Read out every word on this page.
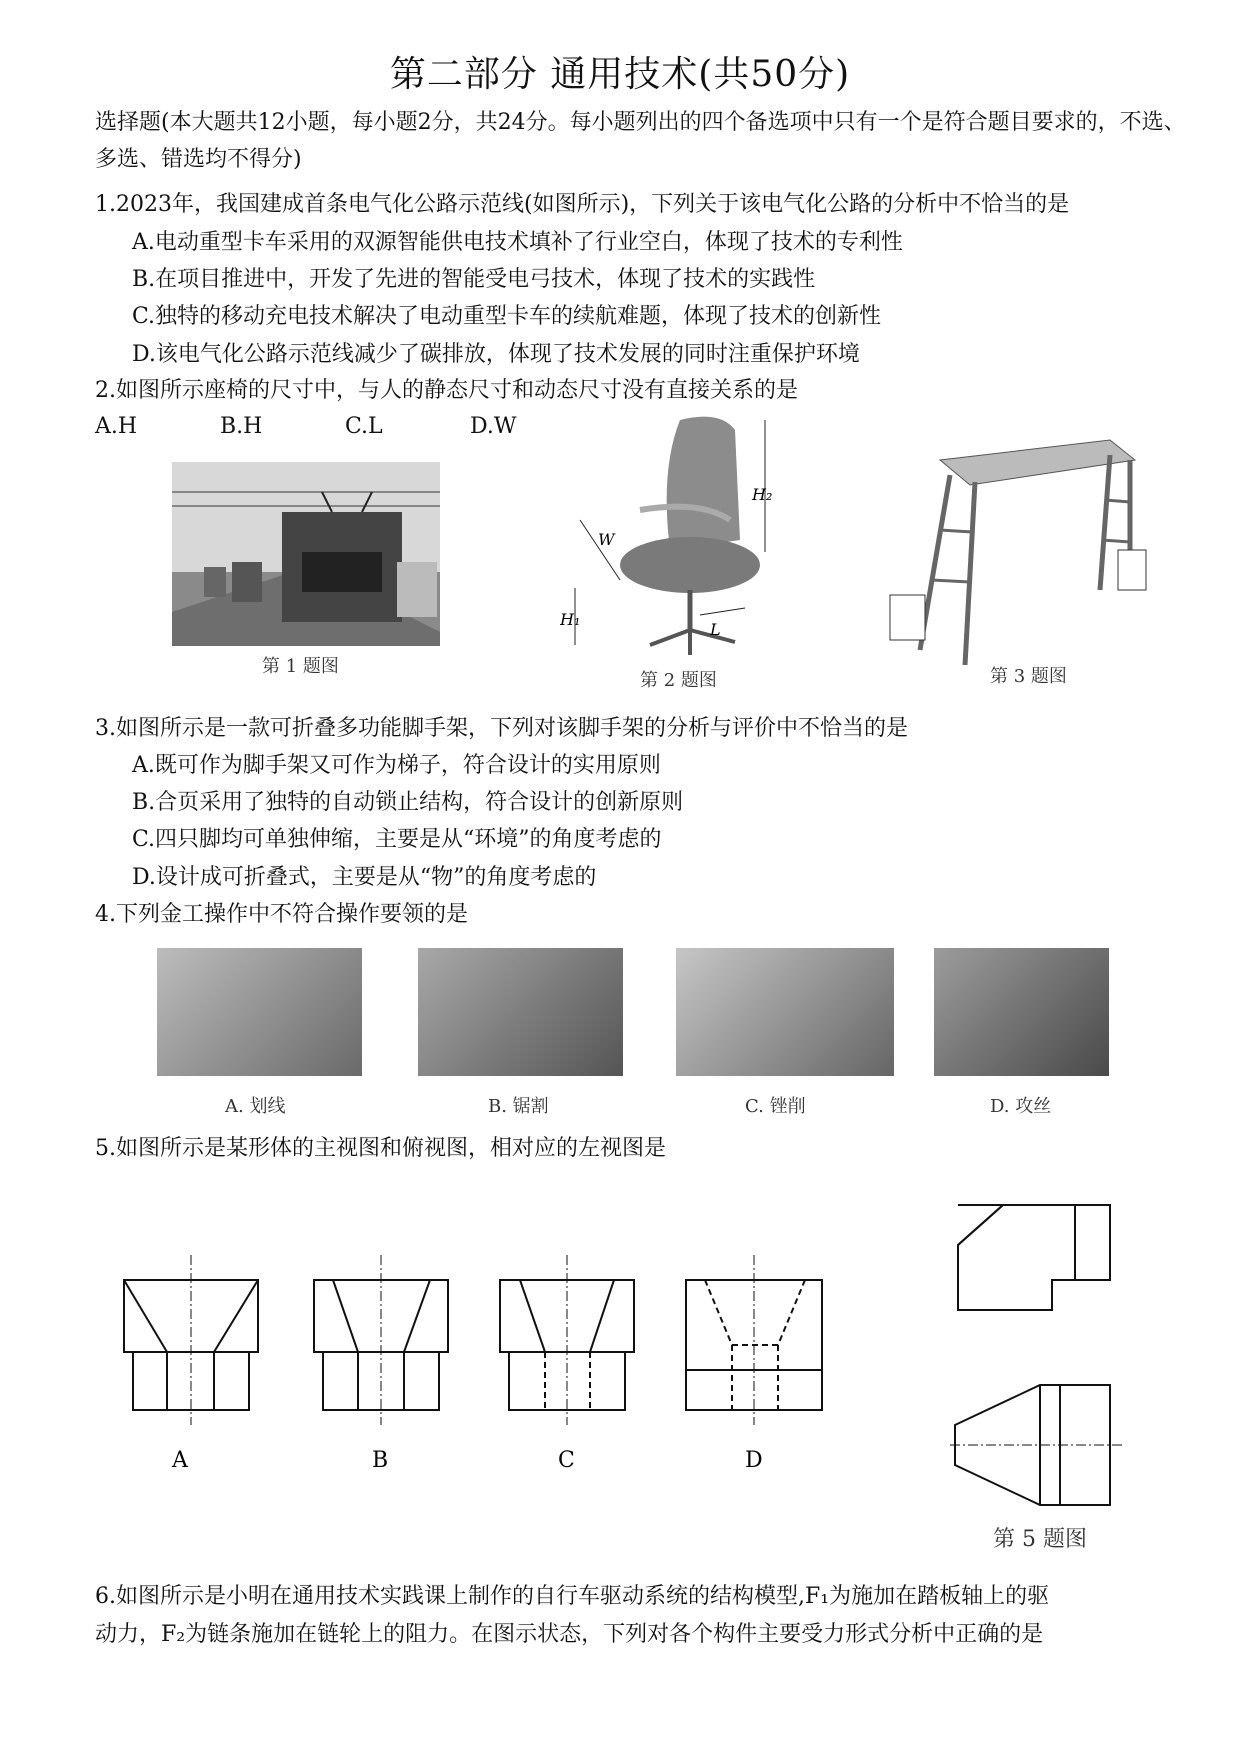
第二部分 通用技术(共50分)
选择题(本大题共12小题，每小题2分，共24分。每小题列出的四个备选项中只有一个是符合题目要求的，不选、多选、错选均不得分)
1.2023年，我国建成首条电气化公路示范线(如图所示)，下列关于该电气化公路的分析中不恰当的是
A.电动重型卡车采用的双源智能供电技术填补了行业空白，体现了技术的专利性
B.在项目推进中，开发了先进的智能受电弓技术，体现了技术的实践性
C.独特的移动充电技术解决了电动重型卡车的续航难题，体现了技术的创新性
D.该电气化公路示范线减少了碳排放，体现了技术发展的同时注重保护环境
2.如图所示座椅的尺寸中，与人的静态尺寸和动态尺寸没有直接关系的是
A.H	B.H	C.L	D.W
第 1 题图
H₂
H₁
W
L
第 2 题图	第 3 题图
3.如图所示是一款可折叠多功能脚手架，下列对该脚手架的分析与评价中不恰当的是
A.既可作为脚手架又可作为梯子，符合设计的实用原则
B.合页采用了独特的自动锁止结构，符合设计的创新原则
C.四只脚均可单独伸缩，主要是从“环境”的角度考虑的
D.设计成可折叠式，主要是从“物”的角度考虑的
4.下列金工操作中不符合操作要领的是
A. 划线	B. 锯割	C. 锉削	D. 攻丝
5.如图所示是某形体的主视图和俯视图，相对应的左视图是
A	B	C	D
第 5 题图
6.如图所示是小明在通用技术实践课上制作的自行车驱动系统的结构模型,F₁为施加在踏板轴上的驱
动力，F₂为链条施加在链轮上的阻力。在图示状态，下列对各个构件主要受力形式分析中正确的是
